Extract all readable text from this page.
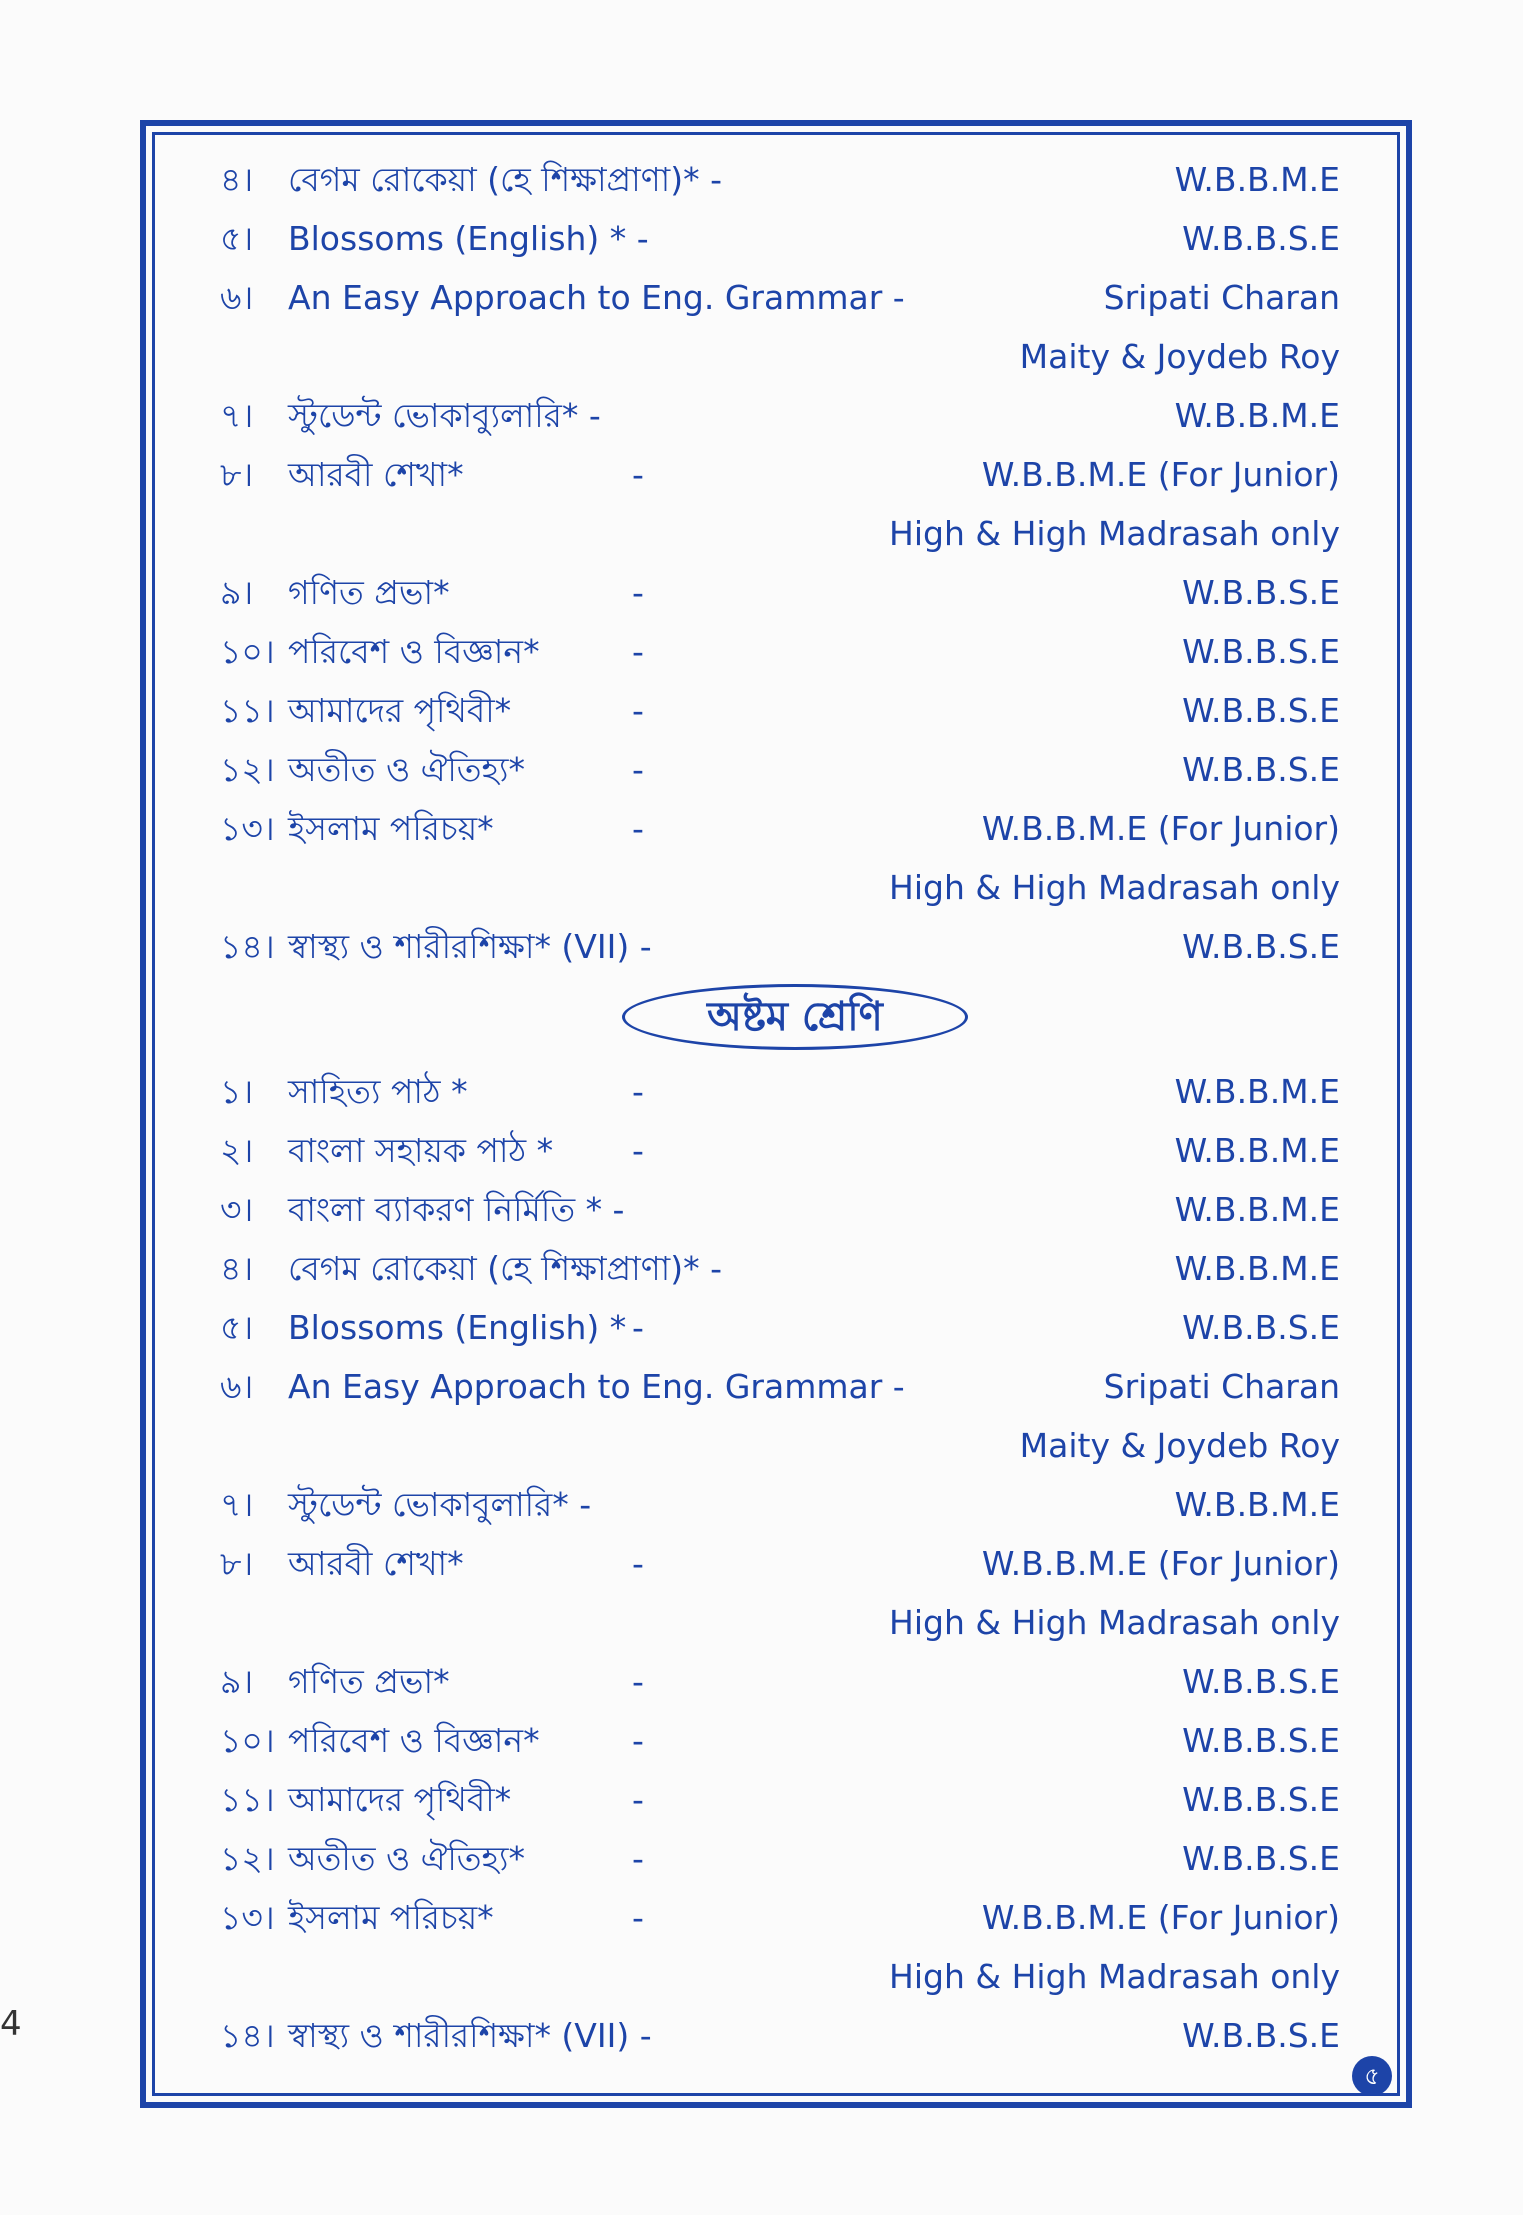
৪। বেগম রোকেয়া (হে শিক্ষাপ্রাণা)* -	W.B.B.M.E
৫। Blossoms (English) * -	W.B.B.S.E
৬। An Easy Approach to Eng. Grammar -	Sripati Charan
Maity & Joydeb Roy
৭। স্টুডেন্ট ভোকাব্যুলারি* -	W.B.B.M.E
৮। আরবী শেখা*	-	W.B.B.M.E (For Junior)
High & High Madrasah only
৯। গণিত প্রভা*	-	W.B.B.S.E
১০। পরিবেশ ও বিজ্ঞান*	-	W.B.B.S.E
১১। আমাদের পৃথিবী*	-	W.B.B.S.E
১২। অতীত ও ঐতিহ্য*	-	W.B.B.S.E
১৩। ইসলাম পরিচয়*	-	W.B.B.M.E (For Junior)
High & High Madrasah only
১৪। স্বাস্থ্য ও শারীরশিক্ষা* (VII) -	W.B.B.S.E
অষ্টম শ্রেণি
১। সাহিত্য পাঠ *	-	W.B.B.M.E
২। বাংলা সহায়ক পাঠ * -	W.B.B.M.E
৩। বাংলা ব্যাকরণ নির্মিতি * -	W.B.B.M.E
৪। বেগম রোকেয়া (হে শিক্ষাপ্রাণা)* -	W.B.B.M.E
৫। Blossoms (English) * -	W.B.B.S.E
৬। An Easy Approach to Eng. Grammar -	Sripati Charan
Maity & Joydeb Roy
৭। স্টুডেন্ট ভোকাবুলারি* -	W.B.B.M.E
৮। আরবী শেখা*	-	W.B.B.M.E (For Junior)
High & High Madrasah only
৯। গণিত প্রভা*	-	W.B.B.S.E
১০। পরিবেশ ও বিজ্ঞান*	-	W.B.B.S.E
১১। আমাদের পৃথিবী*	-	W.B.B.S.E
১২। অতীত ও ঐতিহ্য*	-	W.B.B.S.E
১৩। ইসলাম পরিচয়*	-	W.B.B.M.E (For Junior)
High & High Madrasah only
১৪। স্বাস্থ্য ও শারীরশিক্ষা* (VII) -	W.B.B.S.E
৫
4
